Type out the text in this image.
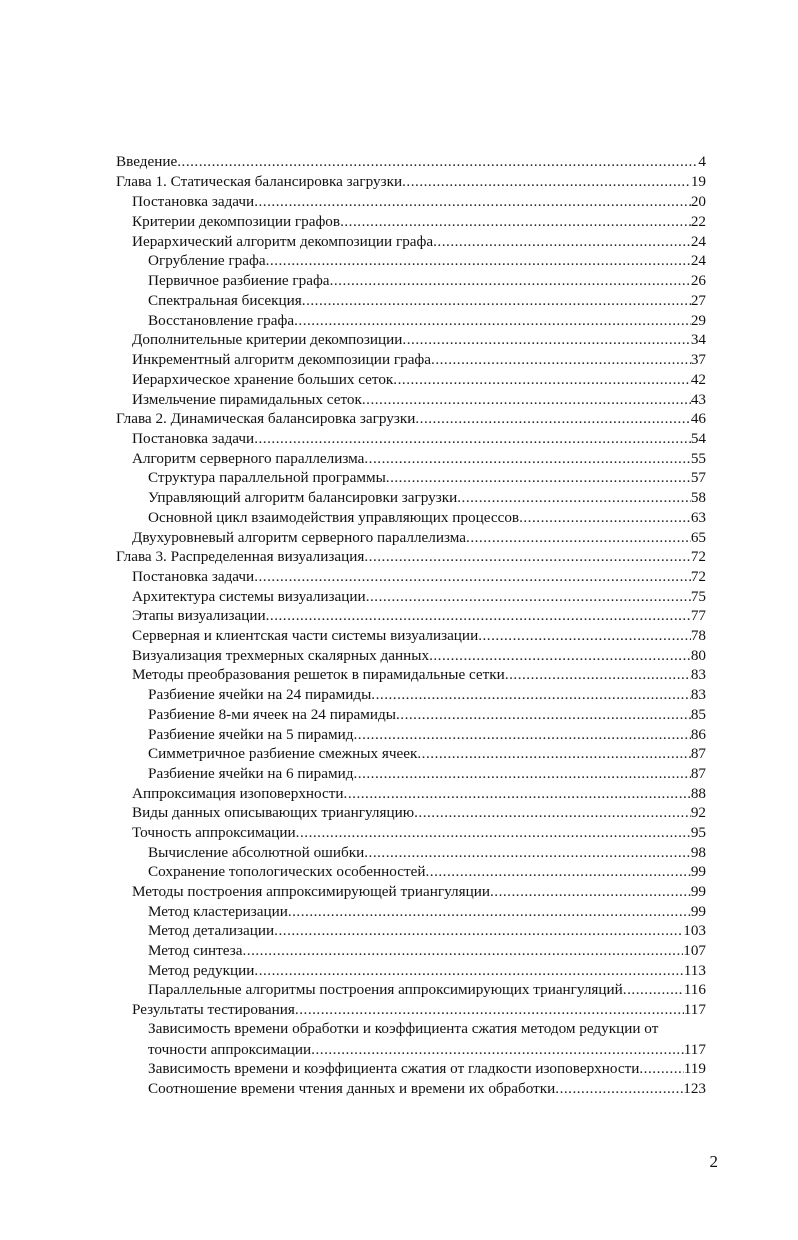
Введение .....	4
Глава 1. Статическая балансировка загрузки .....	19
Постановка задачи .....	20
Критерии декомпозиции графов .....	22
Иерархический алгоритм декомпозиции графа .....	24
Огрубление графа .....	24
Первичное разбиение графа .....	26
Спектральная бисекция .....	27
Восстановление графа .....	29
Дополнительные критерии декомпозиции .....	34
Инкрементный алгоритм декомпозиции графа .....	37
Иерархическое хранение больших сеток .....	42
Измельчение пирамидальных сеток .....	43
Глава 2. Динамическая балансировка загрузки .....	46
Постановка задачи .....	54
Алгоритм серверного параллелизма .....	55
Структура параллельной программы .....	57
Управляющий алгоритм балансировки загрузки .....	58
Основной цикл взаимодействия управляющих процессов .....	63
Двухуровневый алгоритм серверного параллелизма .....	65
Глава 3. Распределенная визуализация .....	72
Постановка задачи .....	72
Архитектура системы визуализации .....	75
Этапы визуализации .....	77
Серверная и клиентская части системы визуализации .....	78
Визуализация трехмерных скалярных данных .....	80
Методы преобразования решеток в пирамидальные сетки .....	83
Разбиение ячейки на 24 пирамиды .....	83
Разбиение 8-ми ячеек на 24 пирамиды .....	85
Разбиение ячейки на 5 пирамид .....	86
Симметричное разбиение смежных ячеек .....	87
Разбиение ячейки на 6 пирамид .....	87
Аппроксимация изоповерхности .....	88
Виды данных описывающих триангуляцию .....	92
Точность аппроксимации .....	95
Вычисление абсолютной ошибки .....	98
Сохранение топологических особенностей .....	99
Методы построения аппроксимирующей триангуляции .....	99
Метод кластеризации .....	99
Метод детализации .....	103
Метод синтеза .....	107
Метод редукции .....	113
Параллельные алгоритмы построения аппроксимирующих триангуляций .....	116
Результаты тестирования .....	117
Зависимость времени обработки и коэффициента сжатия методом редукции от
точности аппроксимации .....	117
Зависимость времени и коэффициента сжатия от гладкости изоповерхности .....	119
Соотношение времени чтения данных и времени их обработки .....	123
2
